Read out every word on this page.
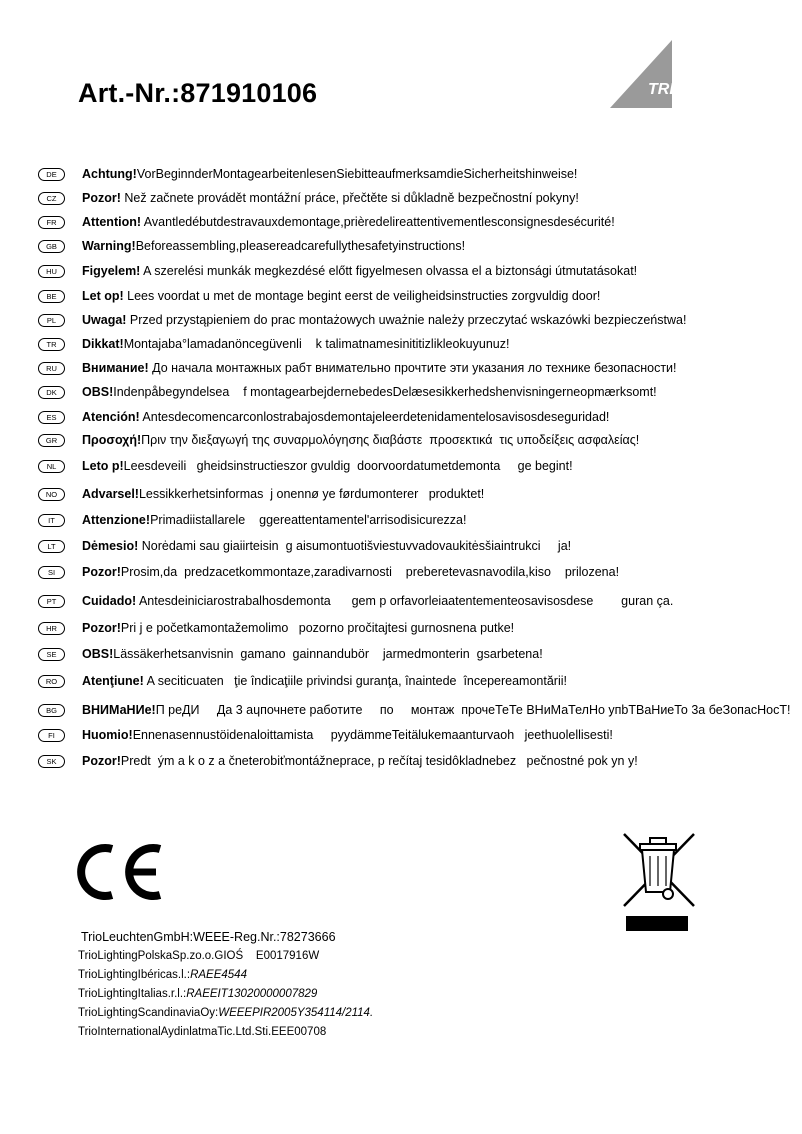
Art.-Nr.:871910106	TRIO
DE	Achtung!VorBeginnderMontagearbeitenlesenSiebitteaufmerksamdieSicherheitshinweise!
CZ	Pozor! Než začnete provádět montážní práce, přečtěte si důkladně bezpečnostní pokyny!
FR	Attention! Avantledébutdestravauxdemontage,prièredelireattentivementlesconsignesdesécurité!
GB	Warning!Beforeassembling,pleasereadcarefullythesafetyinstructions!
HU	Figyelem! A szerelési munkák megkezdésé előtt figyelmesen olvassa el a biztonsági útmutatásokat!
BE	Let op! Lees voordat u met de montage begint eerst de veiligheidsinstructies zorgvuldig door!
PL	Uwaga! Przed przystąpieniem do prac montażowych uważnie należy przeczytać wskazówki bezpieczeństwa!
TR	Dikkat!Montajaba°lamadanöncegüvenli    k talimatnamesinititizlikleokuyunuz!
RU	Внимание! До начала монтажных рабт внимательно прочтите эти указания ло технике безопасности!
DK	OBS!Indenpåbegyndelsea    f montagearbejdernebedesDelæsesikkerhedshenvisningerneopmærksomt!
ES	Atención! Antesdecomencarconlostrabajosdemontajeleerdetenidamentelosavisosdeseguridad!
GR	Προσοχή!Πριν την διεξαγωγή της συναρμολόγησης διαβάστε  προσεκτικά  τις υποδείξεις ασφαλείας!
NL	Leto p!Leesdeveili   gheidsinstructieszor gvuldig  doorvoordatumetdemonta     ge begint!
NO	Advarsel!Lessikkerhetsinformas  j onennø ye førdumonterer   produktet!
IT	Attenzione!Primadiistallarele    ggereattentamentel'arrisodisicurezza!
LT	Dėmesio! Norėdami sau giaiirteisin  g aisumontuotišviestuvvadovaukitėsšiaintrukci     ja!
SI	Pozor!Prosim,da  predzacetkommontaze,zaradivarnosti    preberetevasnavodila,kiso    prilozena!
PT	Cuidado! Antesdeiniciarostrabalhosdemonta      gem p orfavorleiaatentementeosavisosdese        guran ça.
HR	Pozor!Pri j e početkamontažemolimo   pozorno pročitajtesi gurnosnena putke!
SE	OBS!Lässäkerhetsanvisnin  gamano  gainnandubör    jarmedmonterin  gsarbetena!
RO	Atenţiune! A seciticuaten   ţie îndicaţiile privindsi guranţa, înaintede  începereamontării!
BG	ВНИМаНИе!П реДИ     Да 3 аɥпочнете работите     по     монтаж  прочеТеТе ВНиМаТелНо упbТВаНиеТо 3а беЗопасНосТ!
FI	Huomio!Ennenasennustöidenaloittamista     pyydämmeTeitälukemaanturvaoh   jeethuolellisesti!
SK	Pozor!Predt  ým a k o z a čneterobiťmontážneprace, p rečítaj tesidôkladnebez   pečnostné pok yn y!
TrioLeuchtenGmbH:WEEE-Reg.Nr.:78273666
TrioLightingPolskaSp.zo.o.GIOŚ    E0017916W
TrioLightingIbéricas.l.:RAEE4544
TrioLightingItalias.r.l.:RAEEIT13020000007829
TrioLightingScandinaviaOy:WEEEPIR2005Y354114/2114.
TrioInternationalAydinlatmaTic.Ltd.Sti.EEE00708
